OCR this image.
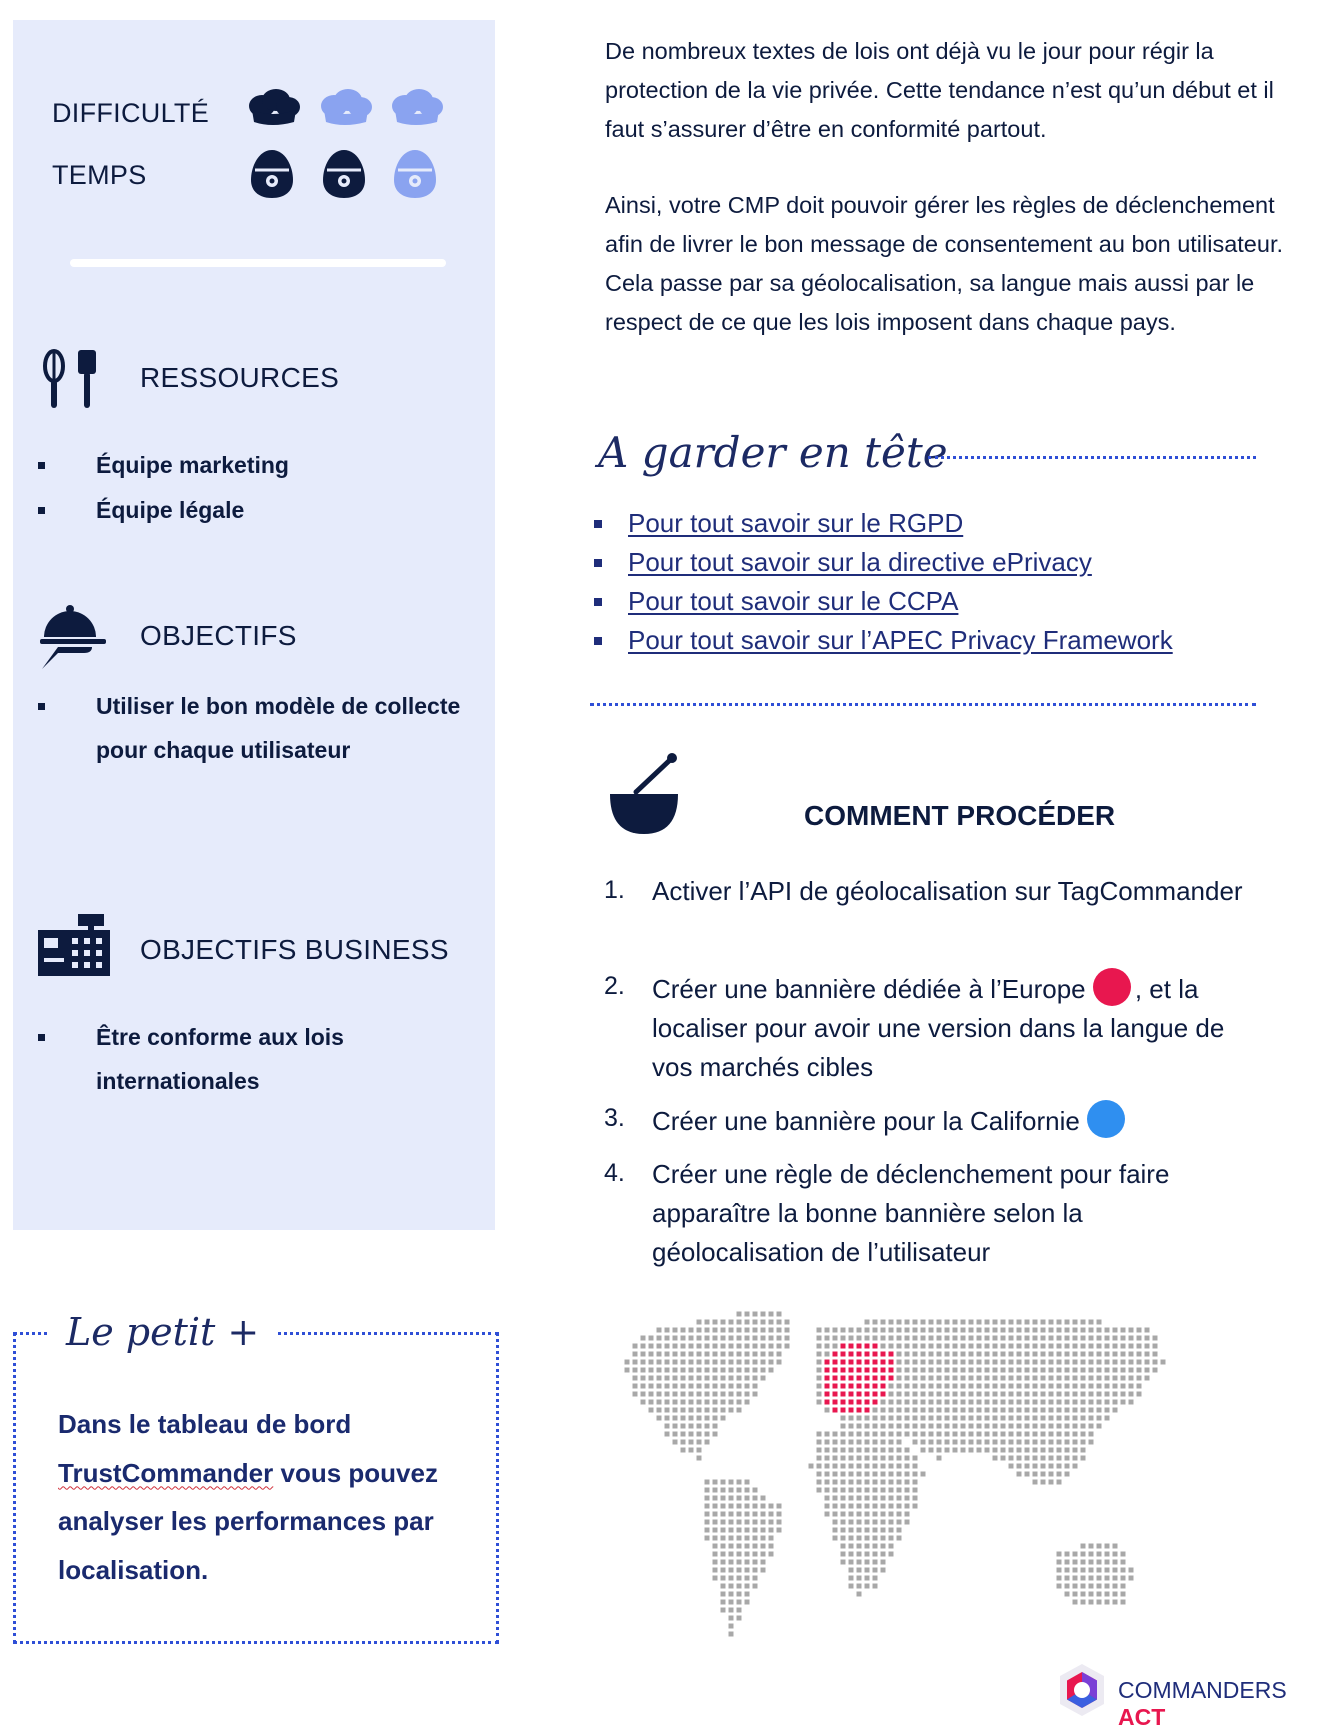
DIFFICULTÉ
TEMPS
RESSOURCES
Équipe marketing
Équipe légale
OBJECTIFS
Utiliser le bon modèle de collecte pour chaque utilisateur
OBJECTIFS BUSINESS
Être conforme aux lois internationales
Le petit +
Dans le tableau de bord TrustCommander vous pouvez analyser les performances par localisation.

De nombreux textes de lois ont déjà vu le jour pour régir la protection de la vie privée. Cette tendance n’est qu’un début et il faut s’assurer d’être en conformité partout.

Ainsi, votre CMP doit pouvoir gérer les règles de déclenchement afin de livrer le bon message de consentement au bon utilisateur. Cela passe par sa géolocalisation, sa langue mais aussi par le respect de ce que les lois imposent dans chaque pays.

A garder en tête
Pour tout savoir sur le RGPD
Pour tout savoir sur la directive ePrivacy
Pour tout savoir sur le CCPA
Pour tout savoir sur l’APEC Privacy Framework
COMMENT PROCÉDER
1. Activer l’API de géolocalisation sur TagCommander
2. Créer une bannière dédiée à l’Europe , et la localiser pour avoir une version dans la langue de vos marchés cibles
3. Créer une bannière pour la Californie
4. Créer une règle de déclenchement pour faire apparaître la bonne bannière selon la géolocalisation de l’utilisateur
COMMANDERS ACT
